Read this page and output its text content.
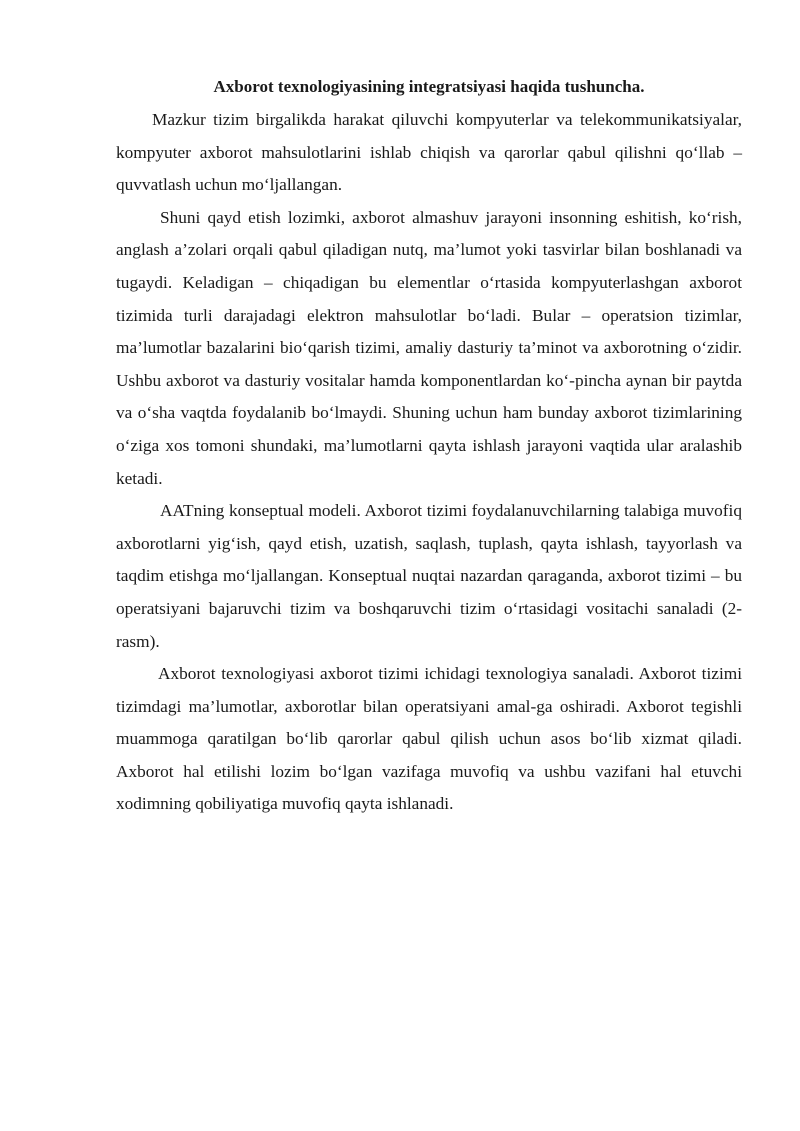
Axborot texnologiyasining integratsiyasi haqida tushuncha.

Mazkur tizim birgalikda harakat qiluvchi kompyuterlar va telekommunikatsiyalar, kompyuter axborot mahsulotlarini ishlab chiqish va qarorlar qabul qilishni qo‘llab – quvvatlash uchun mo‘ljallangan.

Shuni qayd etish lozimki, axborot almashuv jarayoni insonning eshitish, ko‘rish, anglash a’zolari orqali qabul qiladigan nutq, ma’lumot yoki tasvirlar bilan boshlanadi va tugaydi. Keladigan – chiqadigan bu elementlar o‘rtasida kompyuterlashgan axborot tizimida turli darajadagi elektron mahsulotlar bo‘ladi. Bular – operatsion tizimlar, ma’lumotlar bazalarini bio‘qarish tizimi, amaliy dasturiy ta’minot va axborotning o‘zidir. Ushbu axborot va dasturiy vositalar hamda komponentlardan ko‘-pincha aynan bir paytda va o‘sha vaqtda foydalanib bo‘lmaydi. Shuning uchun ham bunday axborot tizimlarining o‘ziga xos tomoni shundaki, ma’lumotlarni qayta ishlash jarayoni vaqtida ular aralashib ketadi.

AATning konseptual modeli. Axborot tizimi foydalanuvchilarning talabiga muvofiq axborotlarni yig‘ish, qayd etish, uzatish, saqlash, tuplash, qayta ishlash, tayyorlash va taqdim etishga mo‘ljallangan. Konseptual nuqtai nazardan qaraganda, axborot tizimi – bu operatsiyani bajaruvchi tizim va boshqaruvchi tizim o‘rtasidagi vositachi sanaladi (2-rasm).

Axborot texnologiyasi axborot tizimi ichidagi texnologiya sanaladi. Axborot tizimi tizimdagi ma’lumotlar, axborotlar bilan operatsiyani amal-ga oshiradi. Axborot tegishli muammoga qaratilgan bo‘lib qarorlar qabul qilish uchun asos bo‘lib xizmat qiladi. Axborot hal etilishi lozim bo‘lgan vazifaga muvofiq va ushbu vazifani hal etuvchi xodimning qobiliyatiga muvofiq qayta ishlanadi.
